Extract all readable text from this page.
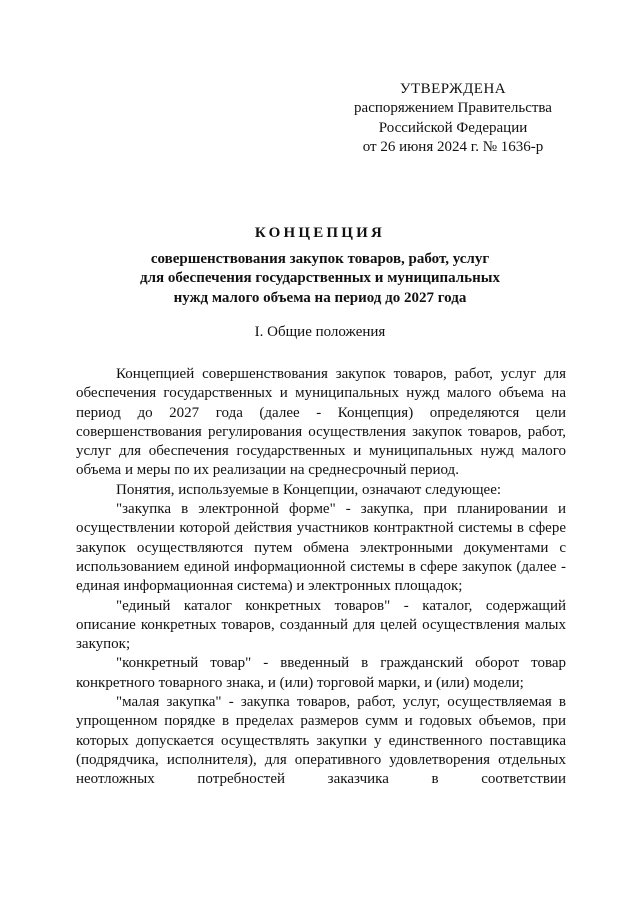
УТВЕРЖДЕНА
распоряжением Правительства
Российской Федерации
от 26 июня 2024 г. № 1636-р
КОНЦЕПЦИЯ
совершенствования закупок товаров, работ, услуг
для обеспечения государственных и муниципальных
нужд малого объема на период до 2027 года
I. Общие положения

Концепцией совершенствования закупок товаров, работ, услуг для обеспечения государственных и муниципальных нужд малого объема на период до 2027 года (далее - Концепция) определяются цели совершенствования регулирования осуществления закупок товаров, работ, услуг для обеспечения государственных и муниципальных нужд малого объема и меры по их реализации на среднесрочный период.

Понятия, используемые в Концепции, означают следующее:

"закупка в электронной форме" - закупка, при планировании и осуществлении которой действия участников контрактной системы в сфере закупок осуществляются путем обмена электронными документами с использованием единой информационной системы в сфере закупок (далее - единая информационная система) и электронных площадок;

"единый каталог конкретных товаров" - каталог, содержащий описание конкретных товаров, созданный для целей осуществления малых закупок;

"конкретный товар" - введенный в гражданский оборот товар конкретного товарного знака, и (или) торговой марки, и (или) модели;

"малая закупка" - закупка товаров, работ, услуг, осуществляемая в упрощенном порядке в пределах размеров сумм и годовых объемов, при которых допускается осуществлять закупки у единственного поставщика (подрядчика, исполнителя), для оперативного удовлетворения отдельных неотложных потребностей заказчика в соответствии
